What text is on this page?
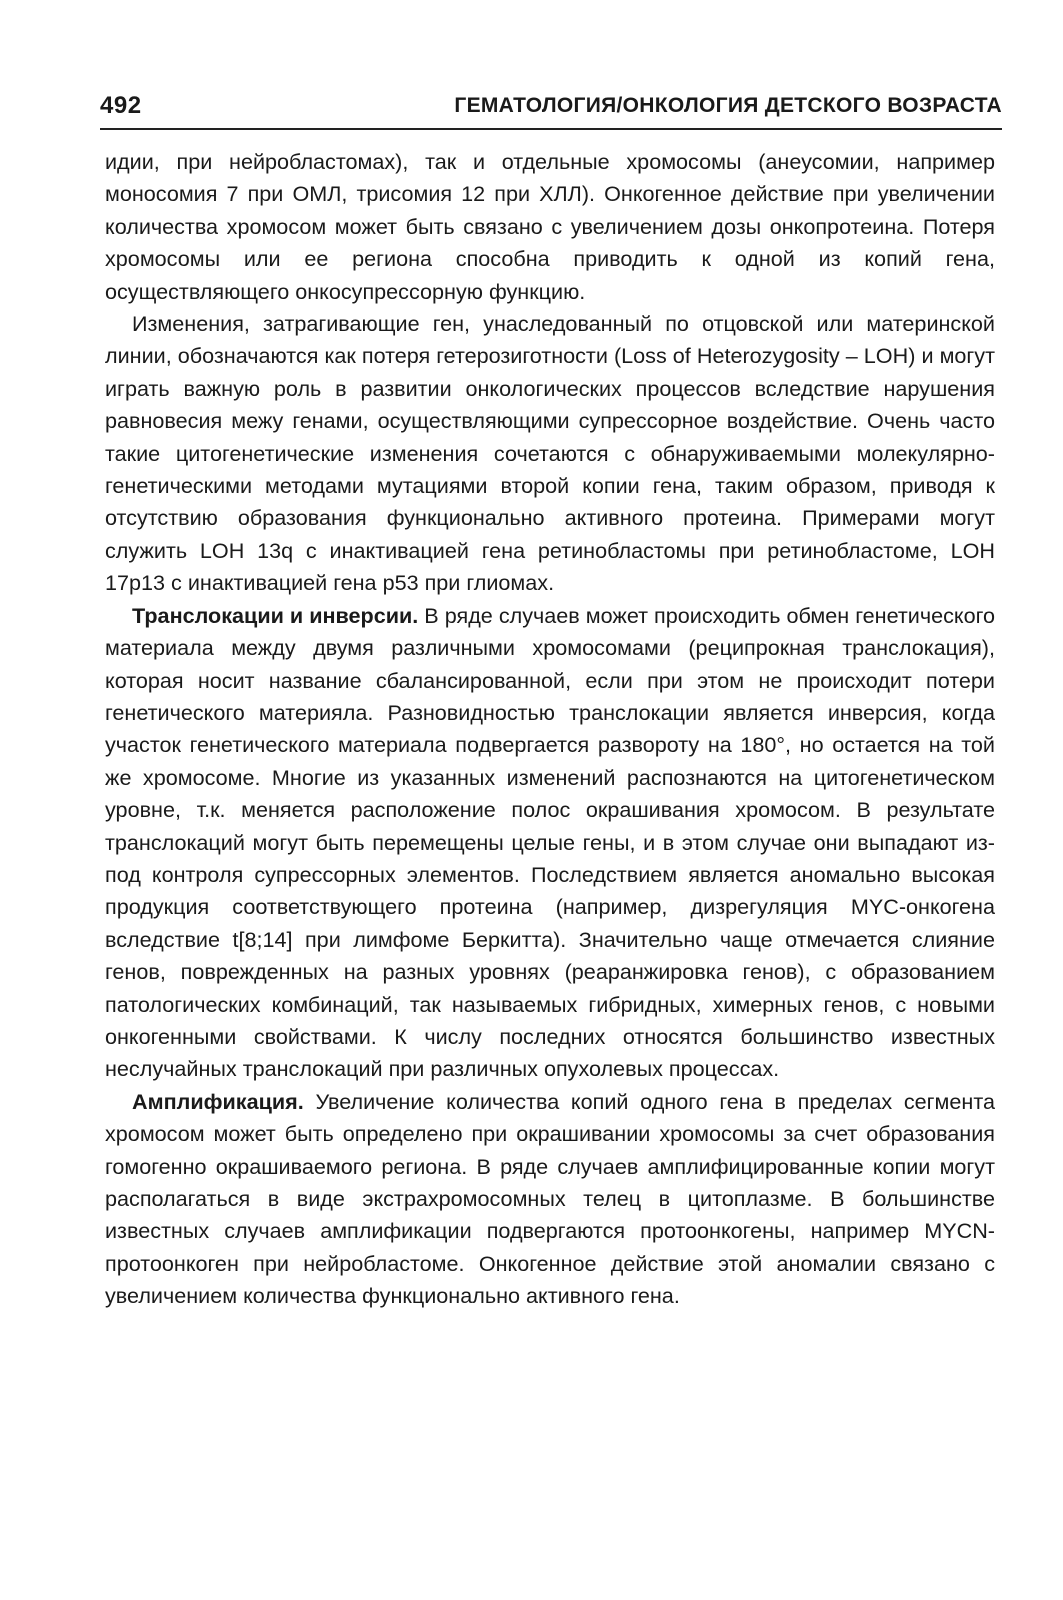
492	ГЕМАТОЛОГИЯ/ОНКОЛОГИЯ ДЕТСКОГО ВОЗРАСТА

идии, при нейробластомах), так и отдельные хромосомы (анеусомии, например моносомия 7 при ОМЛ, трисомия 12 при ХЛЛ). Онкогенное действие при увеличении количества хромосом может быть связано с увеличением дозы онкопротеина. Потеря хромосомы или ее региона способна приводить к одной из копий гена, осуществляющего онкосупрессорную функцию.

Изменения, затрагивающие ген, унаследованный по отцовской или материнской линии, обозначаются как потеря гетерозиготности (Loss of Heterozygosity – LOH) и могут играть важную роль в развитии онкологических процессов вследствие нарушения равновесия межу генами, осуществляющими супрессорное воздействие. Очень часто такие цитогенетические изменения сочетаются с обнаруживаемыми молекулярно-генетическими методами мутациями второй копии гена, таким образом, приводя к отсутствию образования функционально активного протеина. Примерами могут служить LOH 13q с инактивацией гена ретинобластомы при ретинобластоме, LOH 17p13 с инактивацией гена p53 при глиомах.

Транслокации и инверсии. В ряде случаев может происходить обмен генетического материала между двумя различными хромосомами (реципрокная транслокация), которая носит название сбалансированной, если при этом не происходит потери генетического материяла. Разновидностью транслокации является инверсия, когда участок генетического материала подвергается развороту на 180°, но остается на той же хромосоме. Многие из указанных изменений распознаются на цитогенетическом уровне, т.к. меняется расположение полос окрашивания хромосом. В результате транслокаций могут быть перемещены целые гены, и в этом случае они выпадают из-под контроля супрессорных элементов. Последствием является аномально высокая продукция соответствующего протеина (например, дизрегуляция MYC-онкогена вследствие t[8;14] при лимфоме Беркитта). Значительно чаще отмечается слияние генов, поврежденных на разных уровнях (реаранжировка генов), с образованием патологических комбинаций, так называемых гибридных, химерных генов, с новыми онкогенными свойствами. К числу последних относятся большинство известных неслучайных транслокаций при различных опухолевых процессах.

Амплификация. Увеличение количества копий одного гена в пределах сегмента хромосом может быть определено при окрашивании хромосомы за счет образования гомогенно окрашиваемого региона. В ряде случаев амплифицированные копии могут располагаться в виде экстрахромосомных телец в цитоплазме. В большинстве известных случаев амплификации подвергаются протоонкогены, например MYCN-протоонкоген при нейробластоме. Онкогенное действие этой аномалии связано с увеличением количества функционально активного гена.
